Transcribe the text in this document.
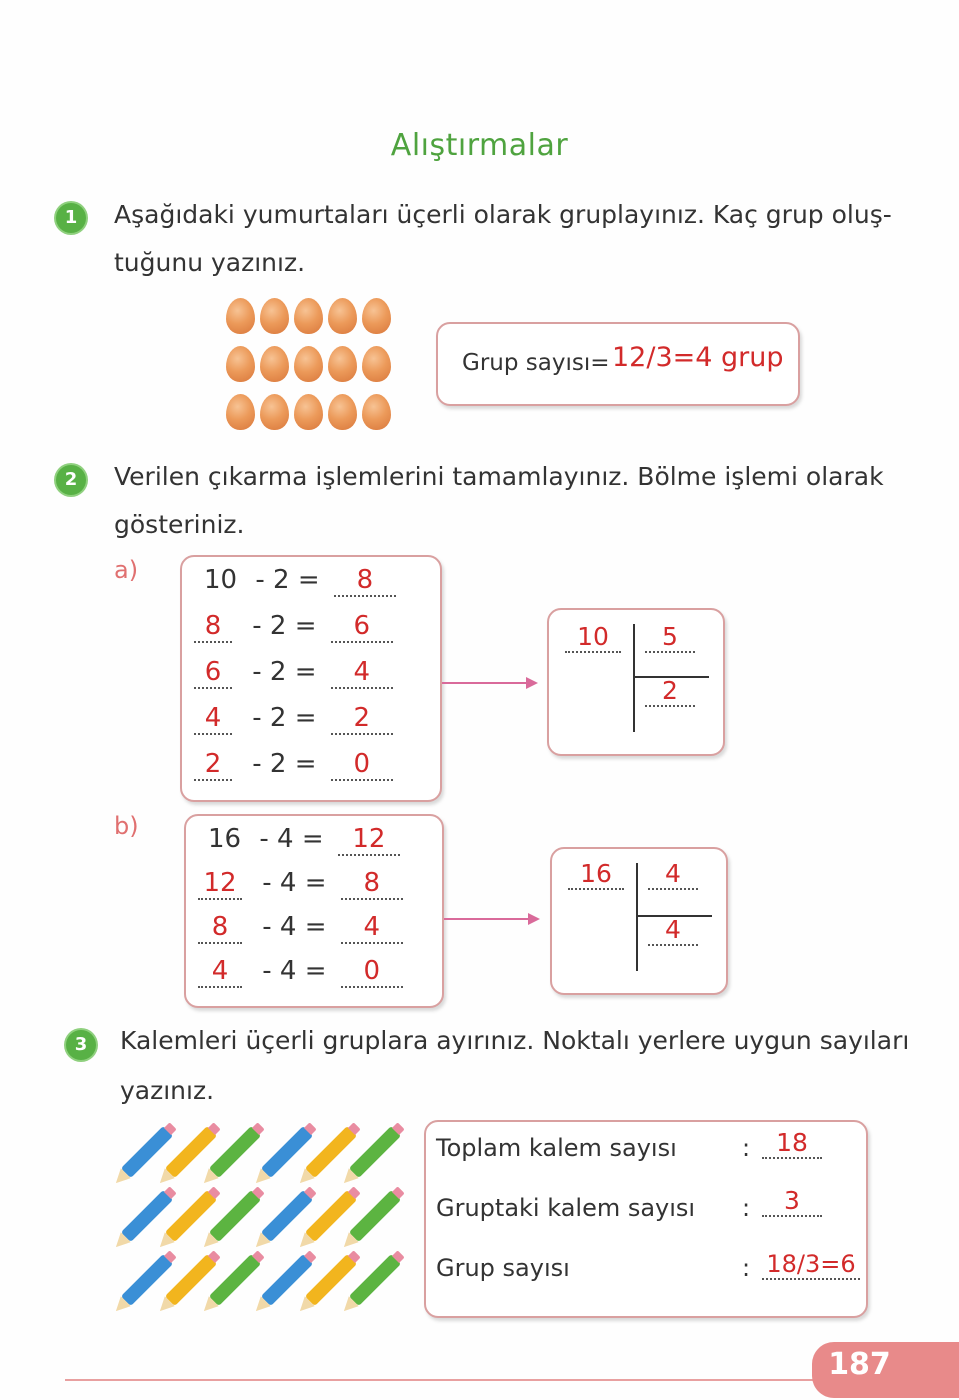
Alıştırmalar
1	Aşağıdaki yumurtaları üçerli olarak gruplayınız. Kaç grup oluş-
tuğunu yazınız.
Grup sayısı= 12/3=4 grup
2	Verilen çıkarma işlemlerini tamamlayınız. Bölme işlemi olarak
gösteriniz.
a)	10 - 2 = 8
8 - 2 = 6
6 - 2 = 4
4 - 2 = 2
2 - 2 = 0
10	5
2
b)	16 - 4 = 12
12 - 4 = 8
8 - 4 = 4
4 - 4 = 0
16	4
4
3	Kalemleri üçerli gruplara ayırınız. Noktalı yerlere uygun sayıları
yazınız.
Toplam kalem sayısı	:	18
Gruptaki kalem sayısı :	3
Grup sayısı	: 18/3=6
187
